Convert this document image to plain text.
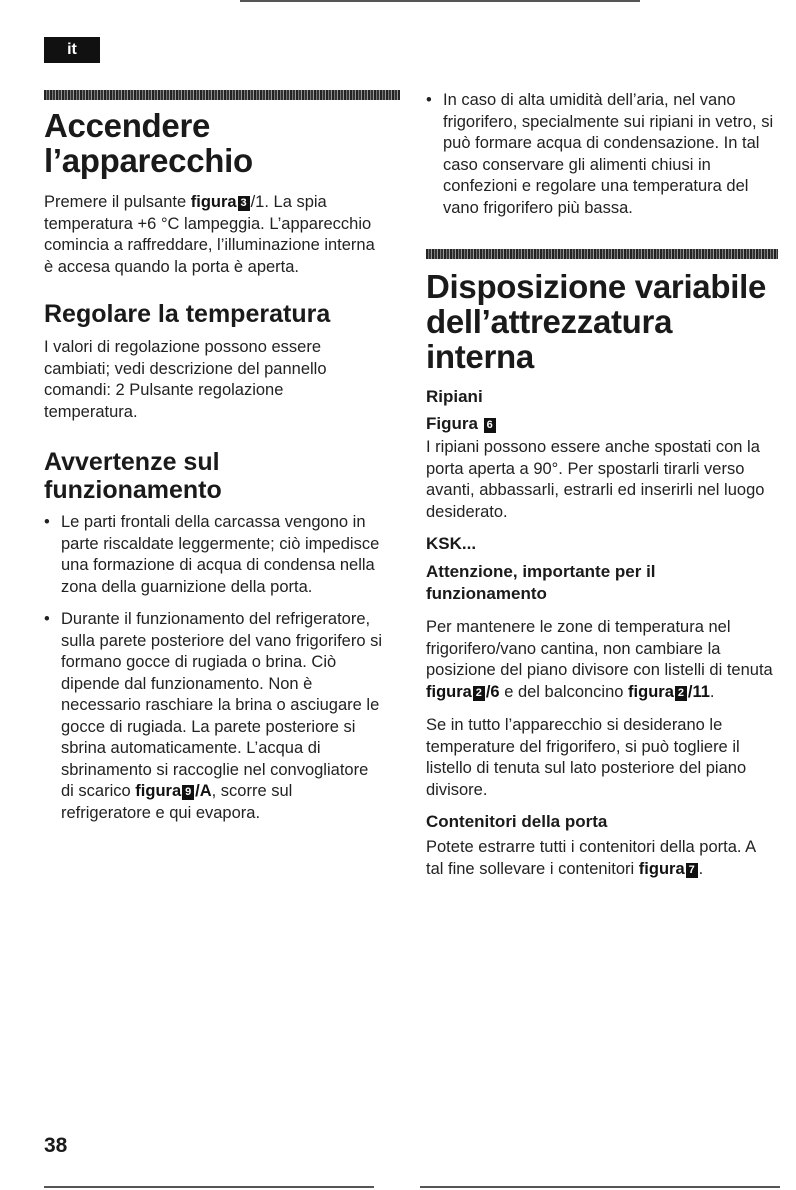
it
Accendere
l’apparecchio

Premere il pulsante figura 3 /1. La spia temperatura +6 °C lampeggia. L’apparecchio comincia a raffreddare, l’illuminazione interna è accesa quando la porta è aperta.

Regolare la temperatura

I valori di regolazione possono essere cambiati; vedi descrizione del pannello comandi: 2 Pulsante regolazione temperatura.

Avvertenze sul
funzionamento
• Le parti frontali della carcassa vengono in parte riscaldate leggermente; ciò impedisce una formazione di acqua di condensa nella zona della guarnizione della porta.
• Durante il funzionamento del refrigeratore, sulla parete posteriore del vano frigorifero si formano gocce di rugiada o brina. Ciò dipende dal funzionamento. Non è necessario raschiare la brina o asciugare le gocce di rugiada. La parete posteriore si sbrina automaticamente. L’acqua di sbrinamento si raccoglie nel convogliatore di scarico figura 9 /A, scorre sul refrigeratore e qui evapora.
• In caso di alta umidità dell’aria, nel vano frigorifero, specialmente sui ripiani in vetro, si può formare acqua di condensazione. In tal caso conservare gli alimenti chiusi in confezioni e regolare una temperatura del vano frigorifero più bassa.
Disposizione variabile
dell’attrezzatura
interna
Ripiani
Figura 6

I ripiani possono essere anche spostati con la porta aperta a 90°. Per spostarli tirarli verso avanti, abbassarli, estrarli ed inserirli nel luogo desiderato.

KSK...
Attenzione, importante per il funzionamento

Per mantenere le zone di temperatura nel frigorifero/vano cantina, non cambiare la posizione del piano divisore con listelli di tenuta figura 2 /6 e del balconcino figura 2 /11.

Se in tutto l’apparecchio si desiderano le temperature del frigorifero, si può togliere il listello di tenuta sul lato posteriore del piano divisore.

Contenitori della porta

Potete estrarre tutti i contenitori della porta. A tal fine sollevare i contenitori figura 7 .

38
